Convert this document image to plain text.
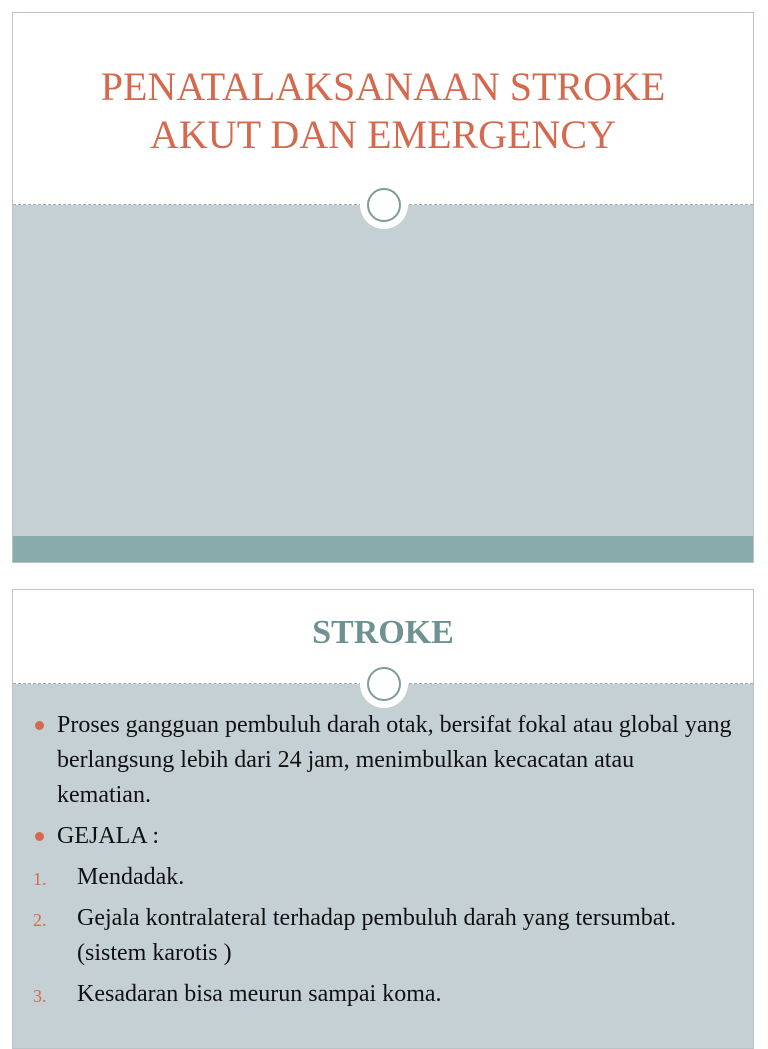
PENATALAKSANAAN STROKE
AKUT DAN EMERGENCY
STROKE
Proses gangguan pembuluh darah otak, bersifat fokal atau global yang berlangsung lebih dari 24 jam, menimbulkan kecacatan atau kematian.
GEJALA :
1. Mendadak.
2. Gejala kontralateral terhadap pembuluh darah yang tersumbat. (sistem karotis )
3. Kesadaran bisa meurun sampai koma.
